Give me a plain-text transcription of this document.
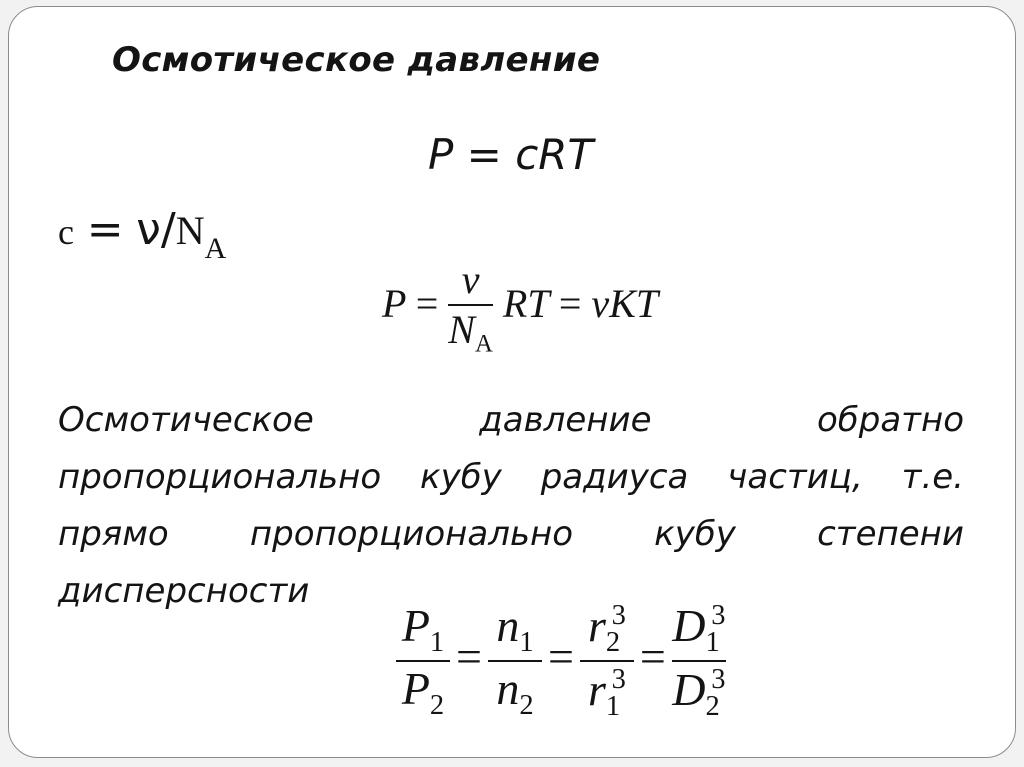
Осмотическое давление
P = cRT
$c = \nu/N_A$
$P = \frac{\nu}{N_A}$ RT = νKT
Осмотическое давление обратно пропорционально кубу радиуса частиц, т.е. прямо пропорционально кубу степени дисперсности
$\frac{P_1}{P_2} = \frac{n_1}{n_2} = \frac{r_2^3}{r_1^3} = \frac{D_1^3}{D_2^3}$
